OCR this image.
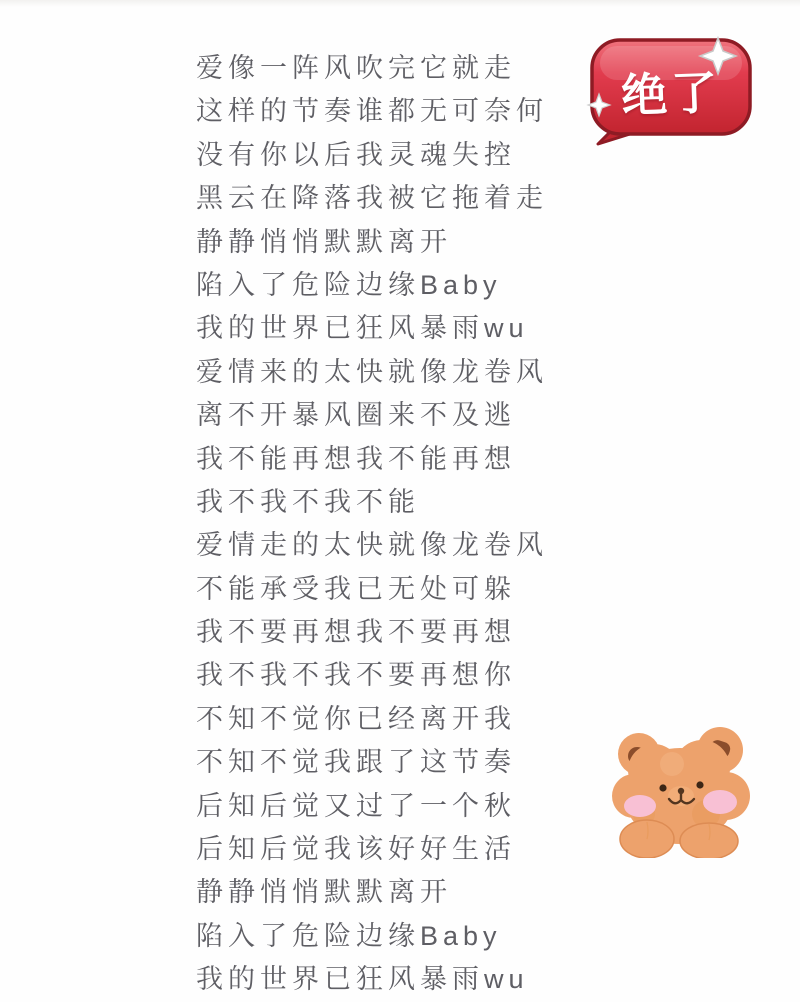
爱像一阵风吹完它就走
这样的节奏谁都无可奈何
没有你以后我灵魂失控
黑云在降落我被它拖着走
静静悄悄默默离开
陷入了危险边缘Baby
我的世界已狂风暴雨wu
爱情来的太快就像龙卷风
离不开暴风圈来不及逃
我不能再想我不能再想
我不我不我不能
爱情走的太快就像龙卷风
不能承受我已无处可躲
我不要再想我不要再想
我不我不我不要再想你
不知不觉你已经离开我
不知不觉我跟了这节奏
后知后觉又过了一个秋
后知后觉我该好好生活
静静悄悄默默离开
陷入了危险边缘Baby
我的世界已狂风暴雨wu
绝了
